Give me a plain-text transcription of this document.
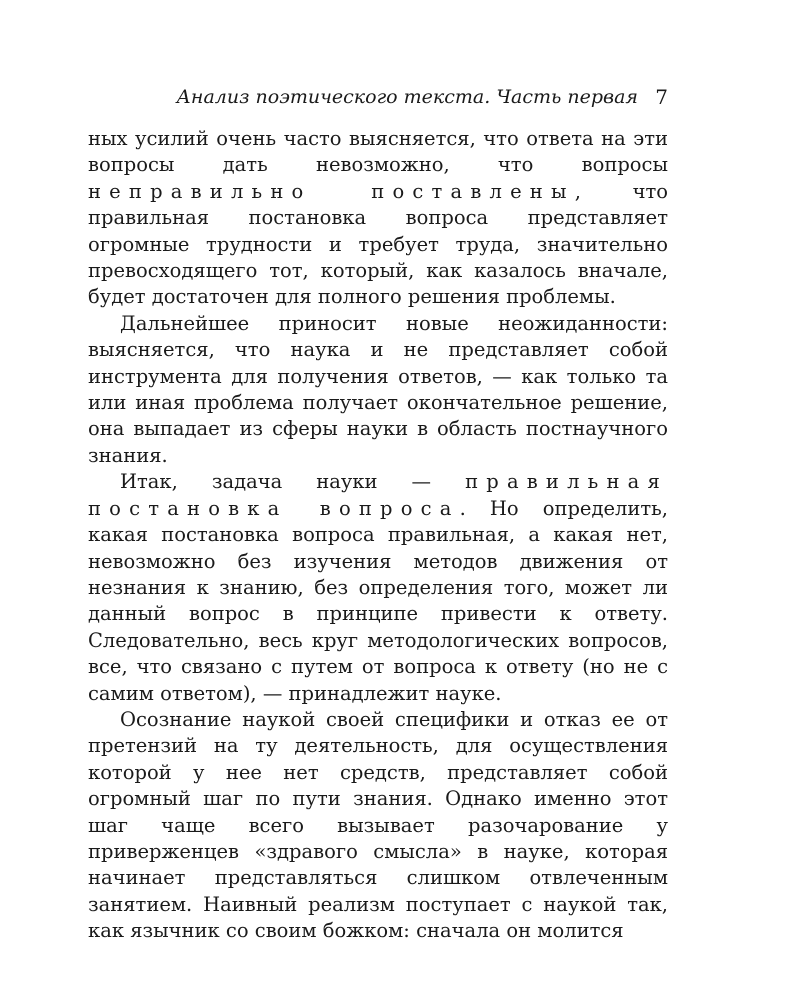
Анализ поэтического текста. Часть первая 7

ных усилий очень часто выясняется, что ответа на эти вопросы дать невозможно, что вопросы неправильно поставлены, что правильная постановка вопроса представляет огромные трудности и требует труда, значительно превосходящего тот, который, как казалось вначале, будет достаточен для полного решения проблемы.

Дальнейшее приносит новые неожиданности: выясняется, что наука и не представляет собой инструмента для получения ответов, — как только та или иная проблема получает окончательное решение, она выпадает из сферы науки в область постнаучного знания.

Итак, задача науки — правильная постановка вопроса. Но определить, какая постановка вопроса правильная, а какая нет, невозможно без изучения методов движения от незнания к знанию, без определения того, может ли данный вопрос в принципе привести к ответу. Следовательно, весь круг методологических вопросов, все, что связано с путем от вопроса к ответу (но не с самим ответом), — принадлежит науке.

Осознание наукой своей специфики и отказ ее от претензий на ту деятельность, для осуществления которой у нее нет средств, представляет собой огромный шаг по пути знания. Однако именно этот шаг чаще всего вызывает разочарование у приверженцев «здравого смысла» в науке, которая начинает представляться слишком отвлеченным занятием. Наивный реализм поступает с наукой так, как язычник со своим божком: сначала он молится
